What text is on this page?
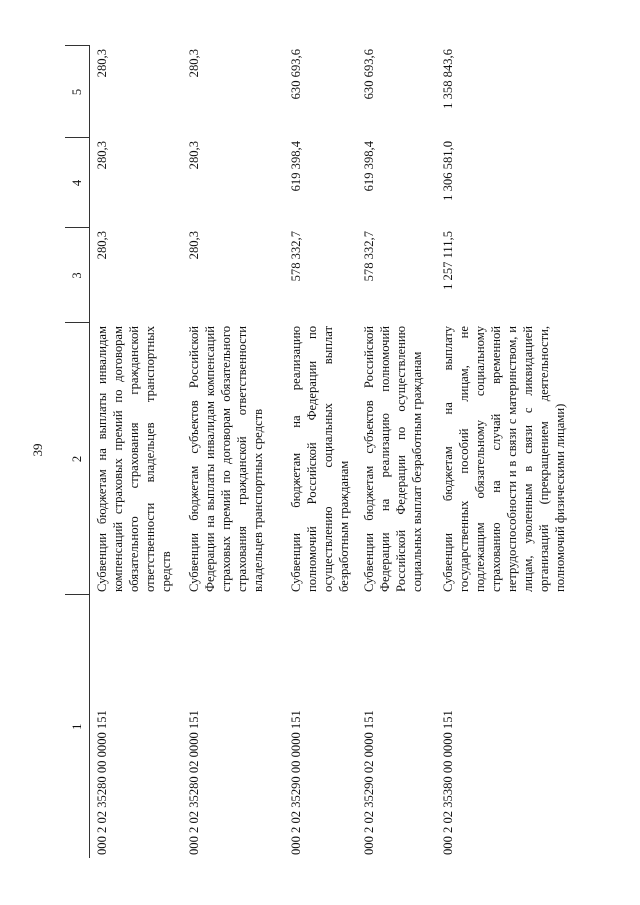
39
1	2	3	4	5
000 2 02 35280 00 0000 151	Субвенции бюджетам на выплаты инвалидам компенсаций страховых премий по договорам обязательного страхования гражданской ответственности владельцев транспортных средств	280,3	280,3	280,3
000 2 02 35280 02 0000 151	Субвенции бюджетам субъектов Российской Федерации на выплаты инвалидам компенсаций страховых премий по договорам обязательного страхования гражданской ответственности владельцев транспортных средств	280,3	280,3	280,3
000 2 02 35290 00 0000 151	Субвенции бюджетам на реализацию полномочий Российской Федерации по осуществлению социальных выплат безработным гражданам	578 332,7	619 398,4	630 693,6
000 2 02 35290 02 0000 151	Субвенции бюджетам субъектов Российской Федерации на реализацию полномочий Российской Федерации по осуществлению социальных выплат безработным гражданам	578 332,7	619 398,4	630 693,6
000 2 02 35380 00 0000 151	Субвенции бюджетам на выплату государственных пособий лицам, не подлежащим обязательному социальному страхованию на случай временной нетрудоспособности и в связи с материнством, и лицам, уволенным в связи с ликвидацией организаций (прекращением деятельности, полномочий физическими лицами)	1 257 111,5	1 306 581,0	1 358 843,6
